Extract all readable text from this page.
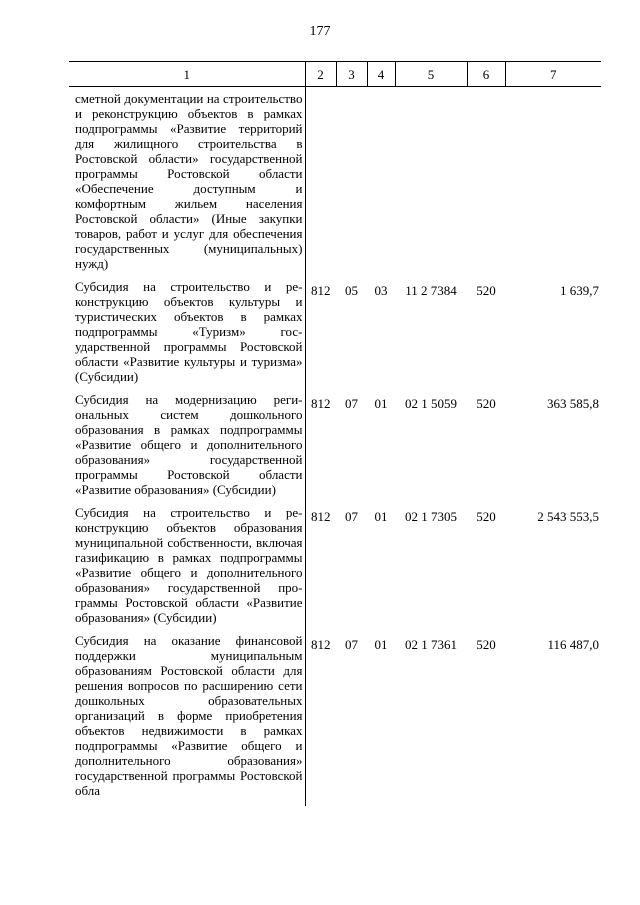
177
1	2	3	4	5	6	7
сметной документации на строительство и реконструкцию объектов в рамках подпрограммы «Развитие территорий для жилищного строительства в Ростовской области» государственной программы Ростовской области «Обеспечение доступным и комфортным жильем населения Ростовской области» (Иные закупки товаров, работ и услуг для обеспечения государственных (муниципальных) нужд)						
Субсидия на строительство и реконструкцию объектов культуры и туристических объектов в рамках подпрограммы «Туризм» государственной программы Ростовской области «Развитие культуры и туризма» (Субсидии)	812	05	03	11 2 7384	520	1 639,7
Субсидия на модернизацию региональных систем дошкольного образования в рамках подпрограммы «Развитие общего и дополнительного образования» государственной программы Ростовской области «Развитие образования» (Субсидии)	812	07	01	02 1 5059	520	363 585,8
Субсидия на строительство и реконструкцию объектов образования муниципальной собственности, включая газификацию в рамках подпрограммы «Развитие общего и дополнительного образования» государственной программы Ростовской области «Развитие образования» (Субсидии)	812	07	01	02 1 7305	520	2 543 553,5
Субсидия на оказание финансовой поддержки муниципальным образованиям Ростовской области для решения вопросов по расширению сети дошкольных образовательных организаций в форме приобретения объектов недвижимости в рамках подпрограммы «Развитие общего и дополнительного образования» государственной программы Ростовской обла	812	07	01	02 1 7361	520	116 487,0
